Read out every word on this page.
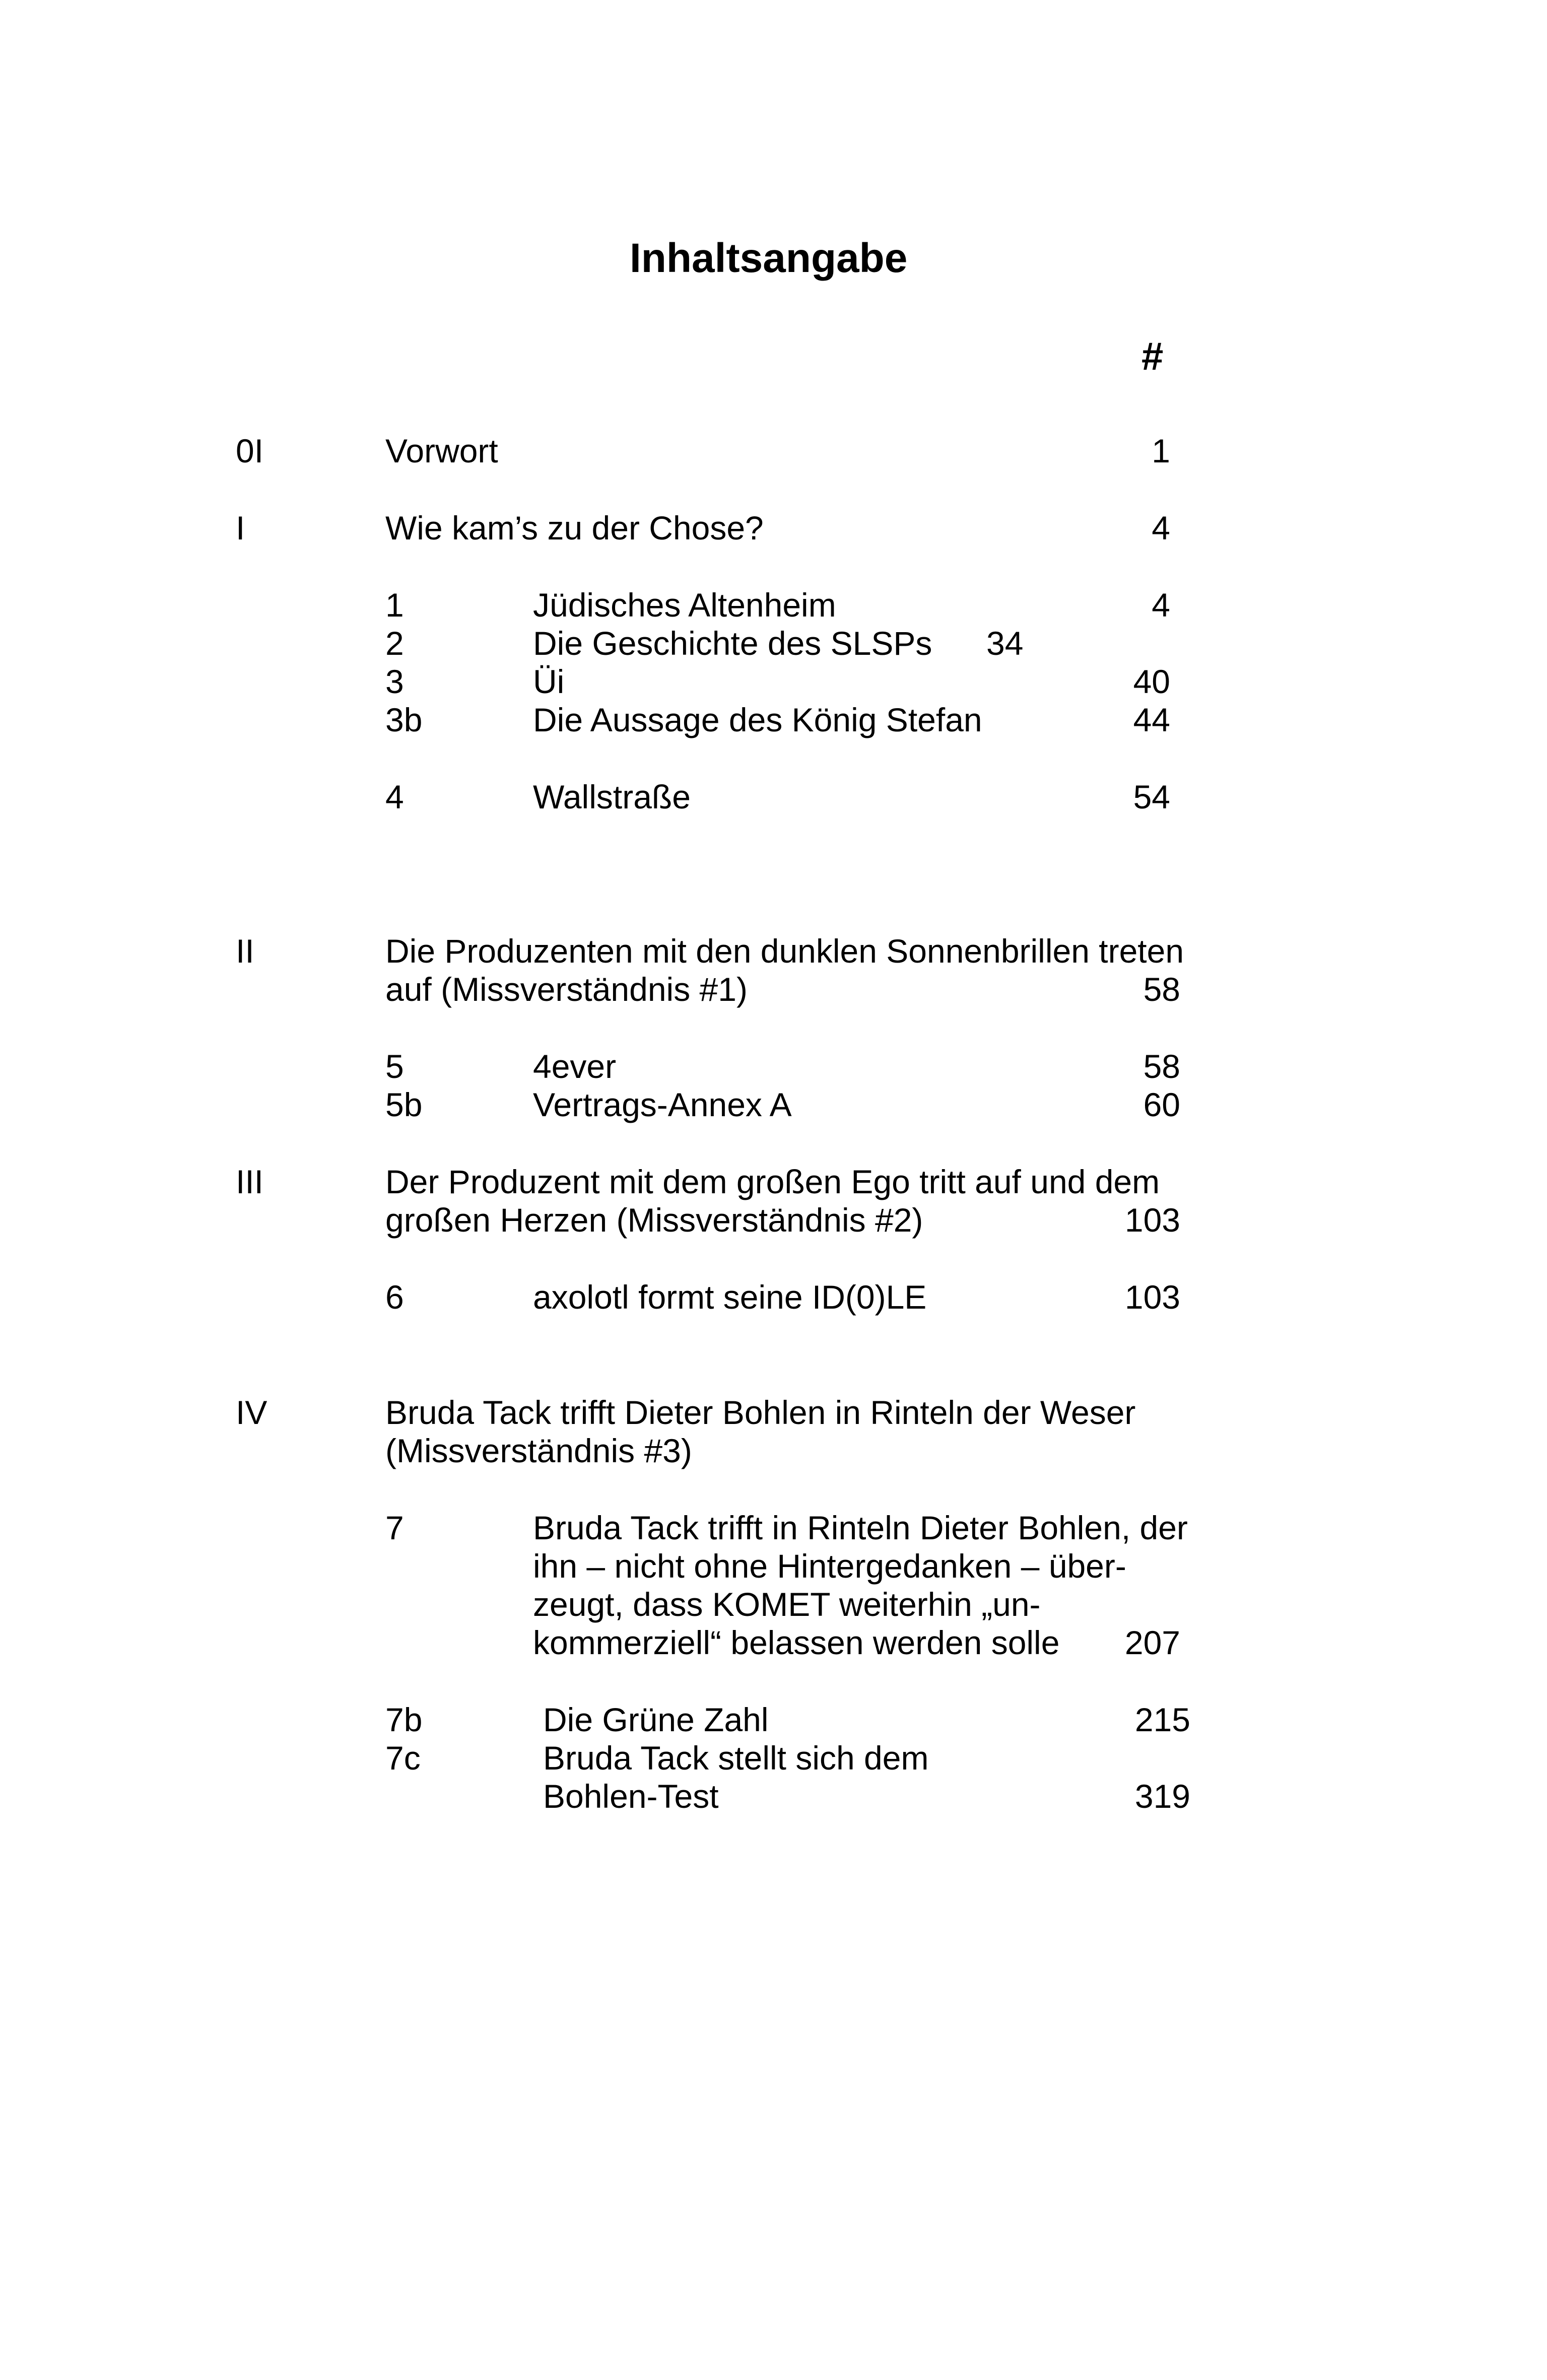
Inhaltsangabe
#
0I	Vorwort	1
I	Wie kam’s zu der Chose?	4
1	Jüdisches Altenheim	4
2	Die Geschichte des SLSPs 34
3	Üi	40
3b	Die Aussage des König Stefan	44
4	Wallstraße	54
II	Die Produzenten mit den dunklen Sonnenbrillen treten
auf (Missverständnis #1)	58
5	4ever	58
5b	Vertrags-Annex A	60
III	Der Produzent mit dem großen Ego tritt auf und dem
großen Herzen (Missverständnis #2)	103
6	axolotl formt seine ID(0)LE	103
IV	Bruda Tack trifft Dieter Bohlen in Rinteln der Weser
(Missverständnis #3)
7	Bruda Tack trifft in Rinteln Dieter Bohlen, der
ihn – nicht ohne Hintergedanken – über-
zeugt, dass KOMET weiterhin „un-
kommerziell“ belassen werden solle 207
7b	Die Grüne Zahl	215
7c	Bruda Tack stellt sich dem
Bohlen-Test	319
